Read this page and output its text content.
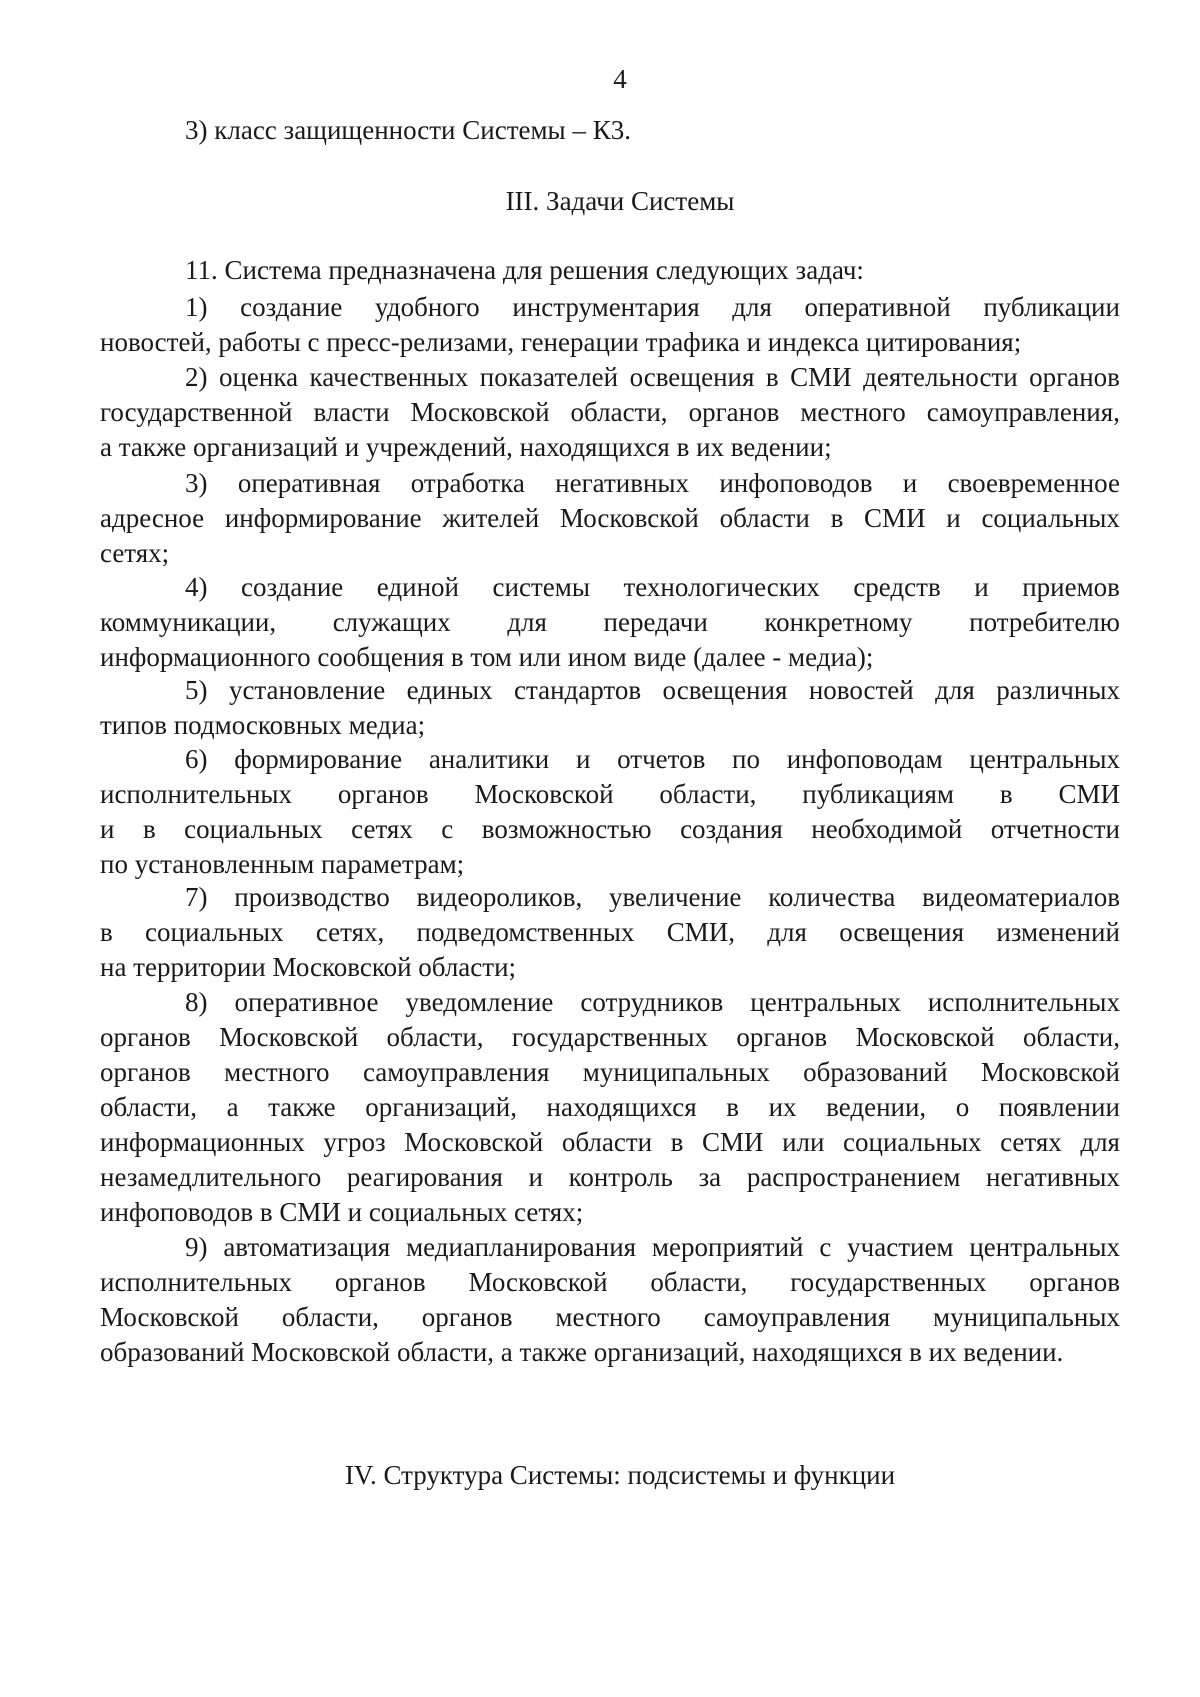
4
3) класс защищенности Системы – К3.
III. Задачи Системы
11. Система предназначена для решения следующих задач:
1) создание удобного инструментария для оперативной публикации
новостей, работы с пресс-релизами, генерации трафика и индекса цитирования;
2) оценка качественных показателей освещения в СМИ деятельности органов
государственной власти Московской области, органов местного самоуправления,
а также организаций и учреждений, находящихся в их ведении;
3) оперативная отработка негативных инфоповодов и своевременное
адресное информирование жителей Московской области в СМИ и социальных
сетях;
4) создание единой системы технологических средств и приемов
коммуникации, служащих для передачи конкретному потребителю
информационного сообщения в том или ином виде (далее - медиа);
5) установление единых стандартов освещения новостей для различных
типов подмосковных медиа;
6) формирование аналитики и отчетов по инфоповодам центральных
исполнительных органов Московской области, публикациям в СМИ
и в социальных сетях с возможностью создания необходимой отчетности
по установленным параметрам;
7) производство видеороликов, увеличение количества видеоматериалов
в социальных сетях, подведомственных СМИ, для освещения изменений
на территории Московской области;
8) оперативное уведомление сотрудников центральных исполнительных
органов Московской области, государственных органов Московской области,
органов местного самоуправления муниципальных образований Московской
области, а также организаций, находящихся в их ведении, о появлении
информационных угроз Московской области в СМИ или социальных сетях для
незамедлительного реагирования и контроль за распространением негативных
инфоповодов в СМИ и социальных сетях;
9) автоматизация медиапланирования мероприятий с участием центральных
исполнительных органов Московской области, государственных органов
Московской области, органов местного самоуправления муниципальных
образований Московской области, а также организаций, находящихся в их ведении.
IV. Структура Системы: подсистемы и функции
